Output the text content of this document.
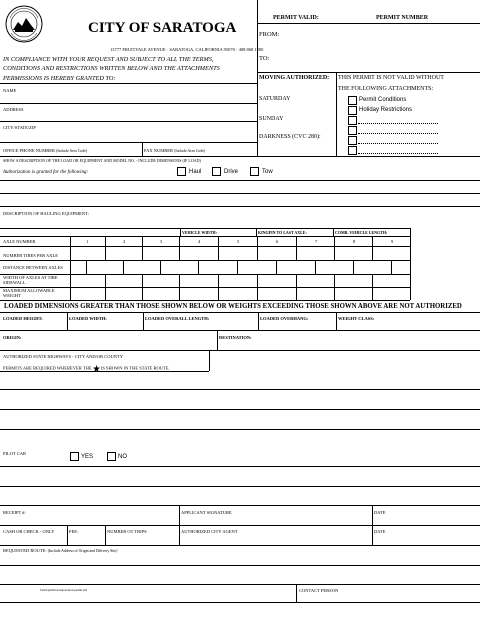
CITY OF SARATOGA
13777 FRUITVALE AVENUE · SARATOGA, CALIFORNIA 95070 · 408 868 1200
IN COMPLIANCE WITH YOUR REQUEST AND SUBJECT TO ALL THE TERMS,
CONDITIONS AND RESTRICTIONS WRITTEN BELOW AND THE ATTACHMENTS
PERMISSIONS IS HEREBY GRANTED TO:
PERMIT VALID:	PERMIT NUMBER
FROM:
TO:
MOVING AUTHORIZED: THIS PERMIT IS NOT VALID WITHOUT
THE FOLLOWING ATTACHMENTS:
SATURDAY
SUNDAY
DARKNESS (CVC 280):
Permit Conditions
Holiday Restrictions
NAME
ADDRESS
CITY/STATE/ZIP
OFFICE PHONE NUMBER (Include Area Code)	FAX NUMBER (Include Area Code)
SHOW A DESCRIPTION OF THE LOAD OR EQUIPMENT AND MODEL NO. - INCLUDE DIMENSIONS (IF LOAD)
Authorization is granted for the following:	Haul	Drive	Tow
DESCRIPTION OF HAULING EQUIPMENT:
VEHICLE WIDTH:	KINGPIN TO LAST AXLE:	COMB. VEHICLE LENGTH:
AXLE NUMBER	1	2	3	4	5	6	7	8	9
NUMBER TIRES PER AXLE
DISTANCE BETWEEN AXLES
WIDTH OF AXLES AT TIRE SIDEWALL
MAXIMUM ALLOWABLE WEIGHT
LOADED DIMENSIONS GREATER THAN THOSE SHOWN BELOW OR WEIGHTS EXCEEDING THOSE SHOWN ABOVE ARE NOT AUTHORIZED
LOADED HEIGHT:	LOADED WIDTH:	LOADED OVERALL LENGTH:	LOADED OVERHANG:	WEIGHT CLASS:
ORIGIN:	DESTINATION:
AUTHORIZED STATE HIGHWAYS - CITY AND/OR COUNTY
PERMITS ARE REQUIRED WHEREVER THE IS SHOWN IN THE STATE ROUTE.
PILOT CAR
YES	NO
RECEIPT #:	APPLICANT SIGNATURE	DATE
CASH OR CHECK - ONLY	FEE:	NUMBER OT TRIPS	AUTHORIZED CITY AGENT	DATE
REQUESTED ROUTE: (Include Address of Origin and Delivery Site)
forms/permit-transportation-permit.pdf	CONTACT PERSON
